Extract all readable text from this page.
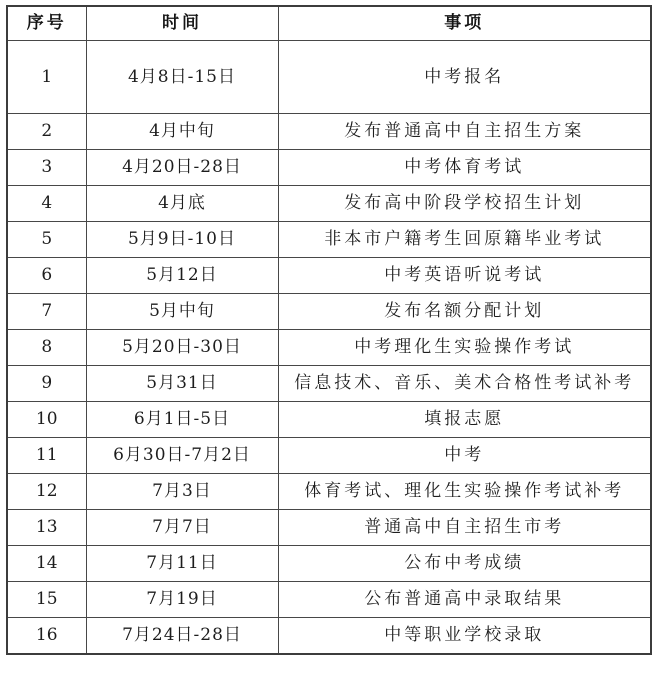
序号	时间	事项
1	4月8日-15日	中考报名
2	4月中旬	发布普通高中自主招生方案
3	4月20日-28日	中考体育考试
4	4月底	发布高中阶段学校招生计划
5	5月9日-10日	非本市户籍考生回原籍毕业考试
6	5月12日	中考英语听说考试
7	5月中旬	发布名额分配计划
8	5月20日-30日	中考理化生实验操作考试
9	5月31日	信息技术、音乐、美术合格性考试补考
10	6月1日-5日	填报志愿
11	6月30日-7月2日	中考
12	7月3日	体育考试、理化生实验操作考试补考
13	7月7日	普通高中自主招生市考
14	7月11日	公布中考成绩
15	7月19日	公布普通高中录取结果
16	7月24日-28日	中等职业学校录取
